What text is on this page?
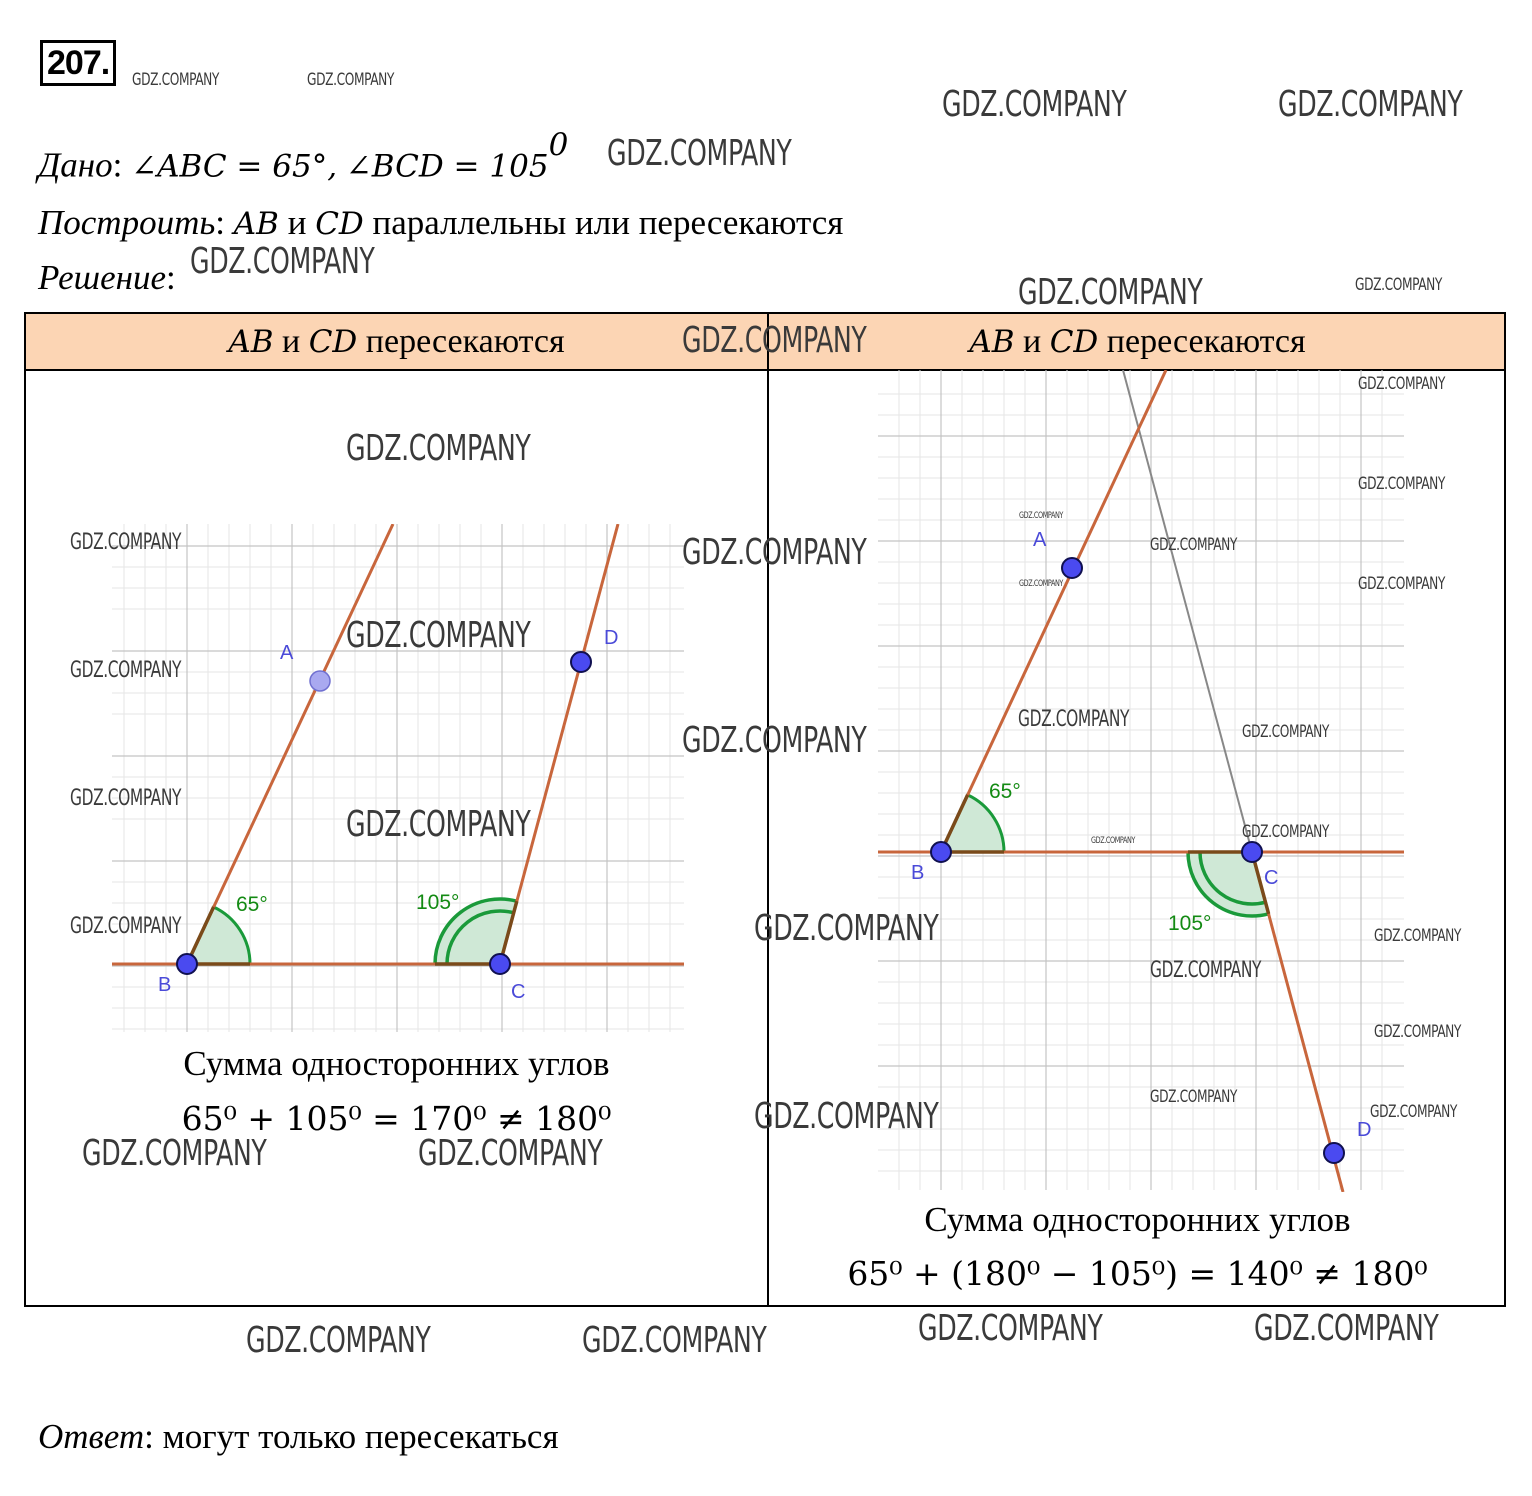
207.
Дано: ∠ABC = 65°, ∠BCD = $105^0$
Построить: AB и CD параллельны или пересекаются
Решение:
AB и CD пересекаются	AB и CD пересекаются
A
B	C
D
65°	105°
Сумма односторонних углов
65⁰ + 105⁰ = 170⁰ ≠ 180⁰
A
B	C
D
65°
105°
Сумма односторонних углов
65⁰ + (180⁰ − 105⁰) = 140⁰ ≠ 180⁰
Ответ: могут только пересекаться
GDZ.COMPANY	GDZ.COMPANY
GDZ.COMPANY	GDZ.COMPANY
GDZ.COMPANY
GDZ.COMPANY
GDZ.COMPANY	GDZ.COMPANY
GDZ.COMPANY
GDZ.COMPANY
GDZ.COMPANY
GDZ.COMPANY
GDZ.COMPANY
GDZ.COMPANY	GDZ.COMPANY	GDZ.COMPANY
GDZ.COMPANY	GDZ.COMPANY
GDZ.COMPANY
GDZ.COMPANY
GDZ.COMPANY	GDZ.COMPANY
GDZ.COMPANY
GDZ.COMPANY
GDZ.COMPANY	GDZ.COMPANY
GDZ.COMPANY
GDZ.COMPANY
GDZ.COMPANY	GDZ.COMPANY
GDZ.COMPANY
GDZ.COMPANY
GDZ.COMPANY
GDZ.COMPANY
GDZ.COMPANY
GDZ.COMPANY	GDZ.COMPANY
GDZ.COMPANY	GDZ.COMPANY
GDZ.COMPANY	GDZ.COMPANY
